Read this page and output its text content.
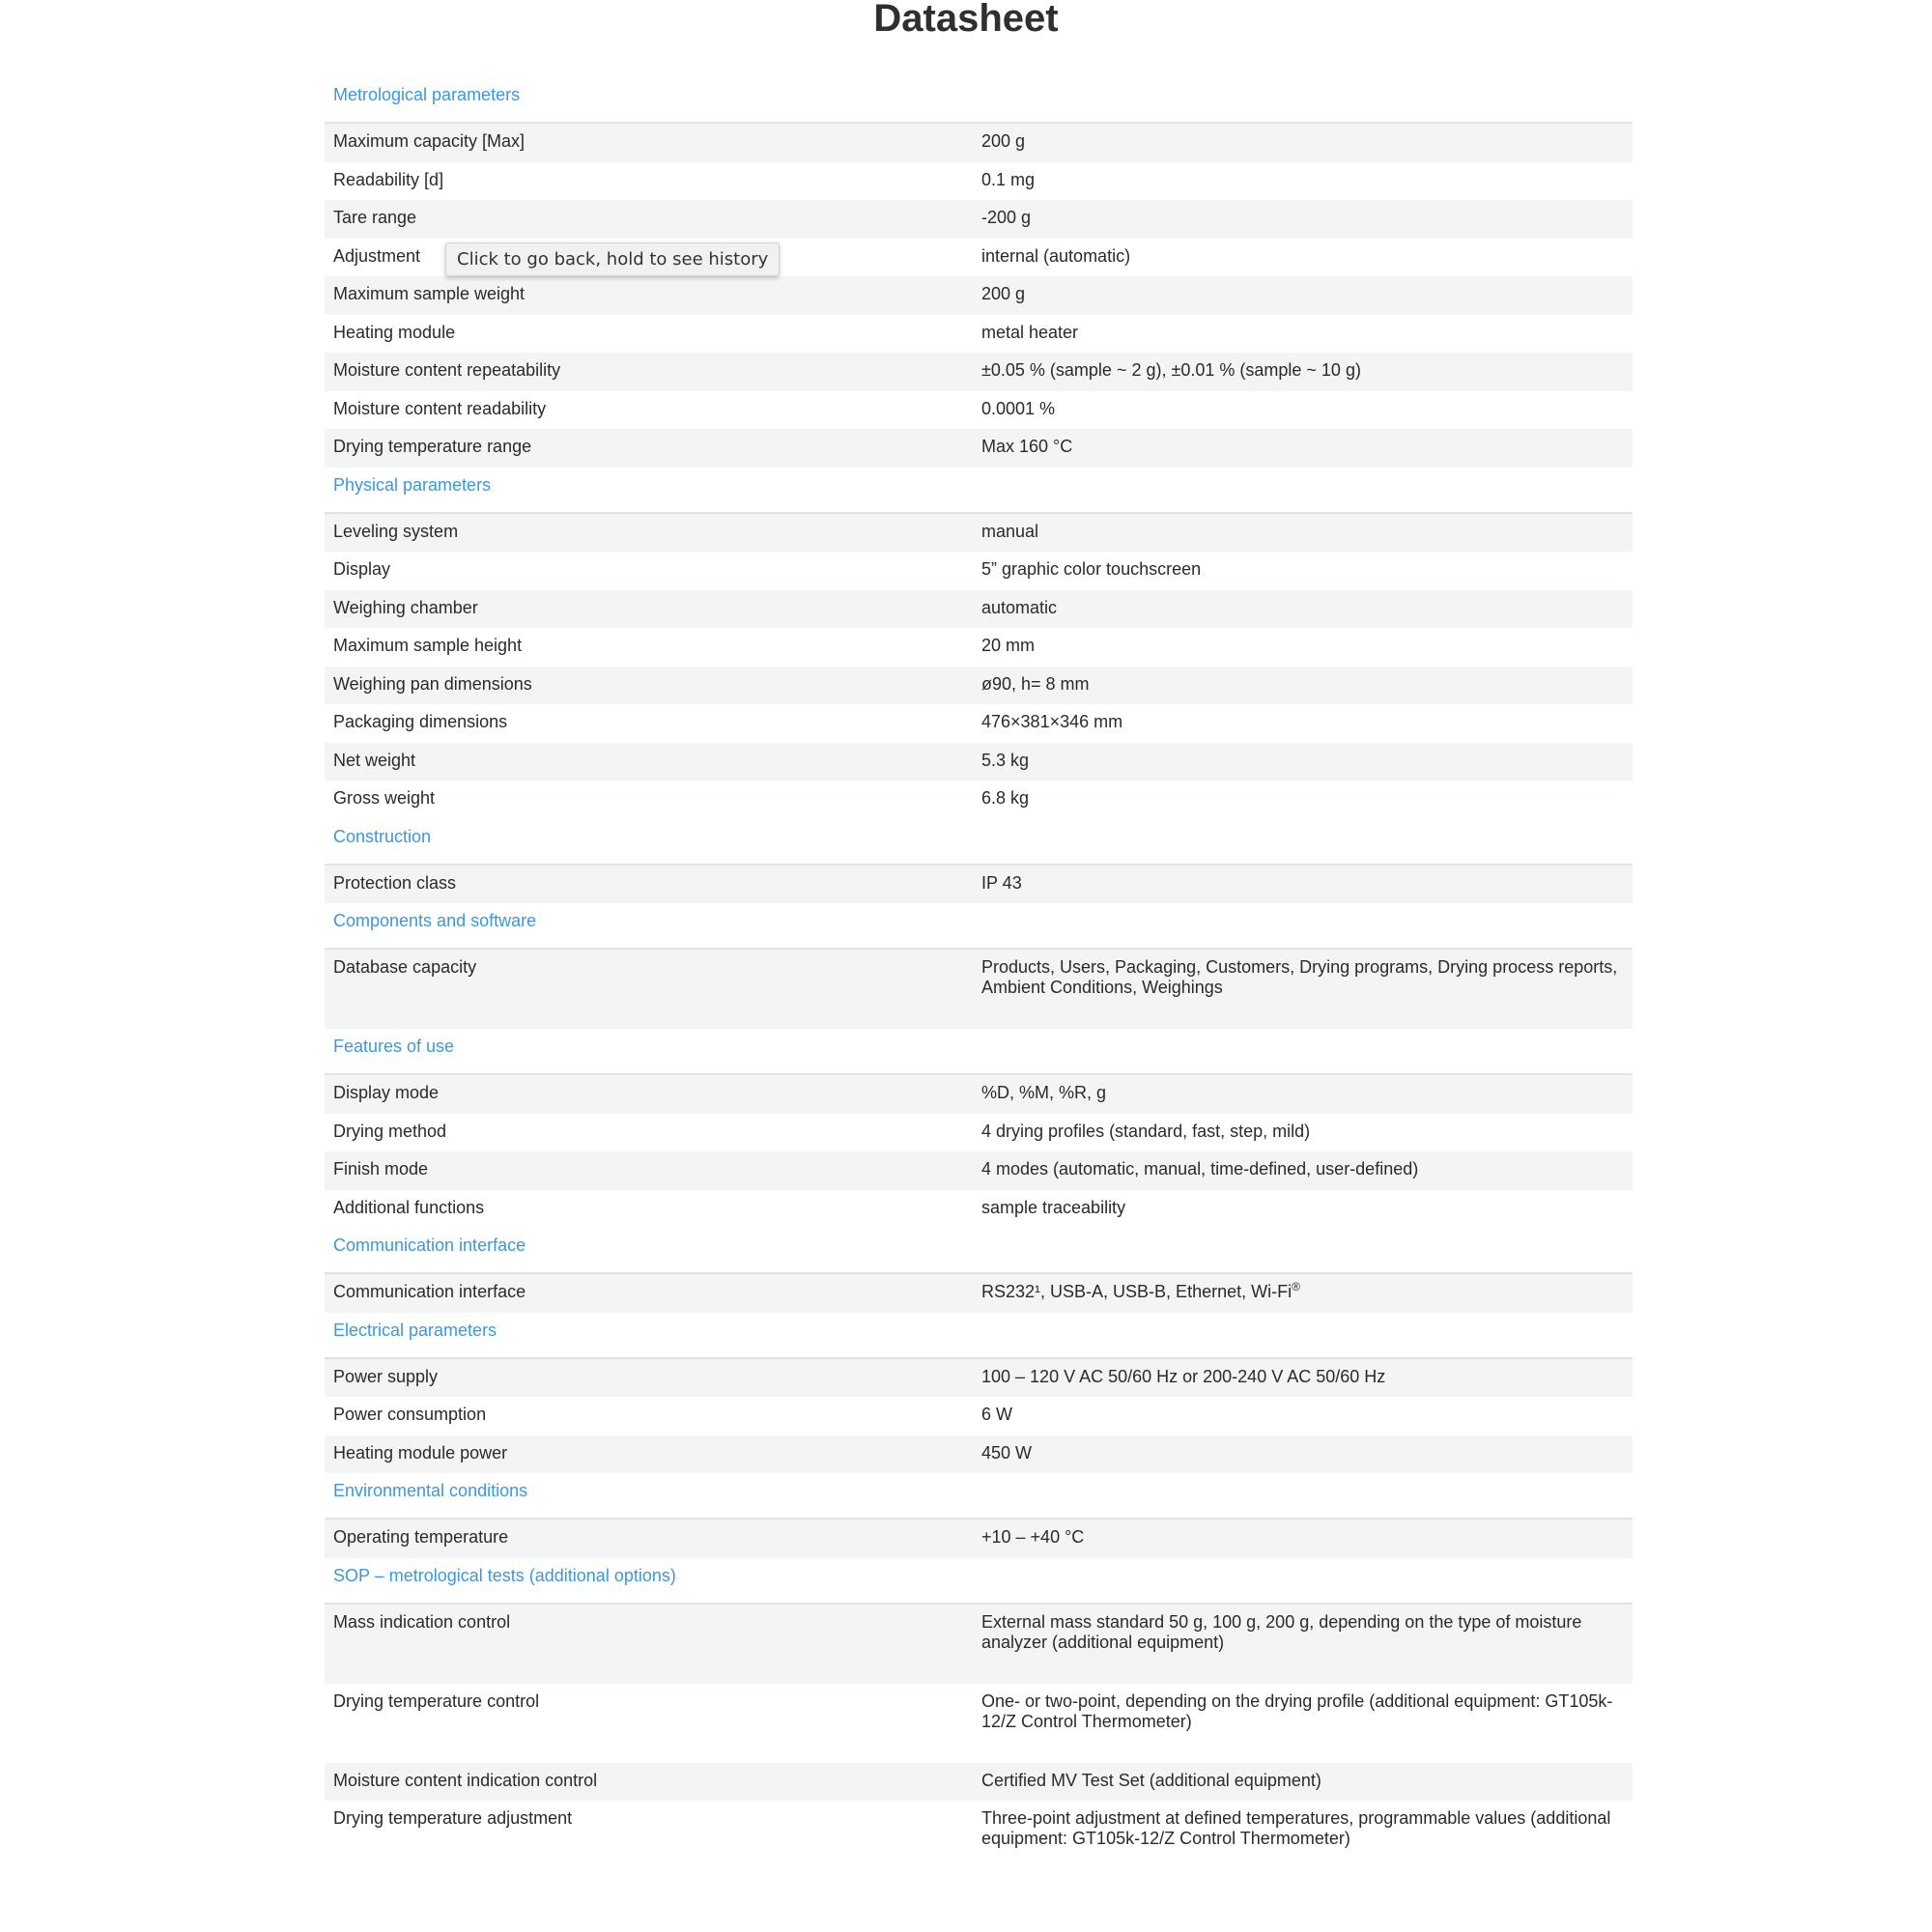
Datasheet
Metrological parameters
Maximum capacity [Max]	200 g
Readability [d]	0.1 mg
Tare range	-200 g
Adjustment	internal (automatic)
Maximum sample weight	200 g
Heating module	metal heater
Moisture content repeatability	±0.05 % (sample ~ 2 g), ±0.01 % (sample ~ 10 g)
Moisture content readability	0.0001 %
Drying temperature range	Max 160 °C
Physical parameters
Leveling system	manual
Display	5” graphic color touchscreen
Weighing chamber	automatic
Maximum sample height	20 mm
Weighing pan dimensions	ø90, h= 8 mm
Packaging dimensions	476×381×346 mm
Net weight	5.3 kg
Gross weight	6.8 kg
Construction
Protection class	IP 43
Components and software
Database capacity	Products, Users, Packaging, Customers, Drying programs, Drying process reports, Ambient Conditions, Weighings
Features of use
Display mode	%D, %M, %R, g
Drying method	4 drying profiles (standard, fast, step, mild)
Finish mode	4 modes (automatic, manual, time-defined, user-defined)
Additional functions	sample traceability
Communication interface
Communication interface	RS232¹, USB-A, USB-B, Ethernet, Wi-Fi®
Electrical parameters
Power supply	100 – 120 V AC 50/60 Hz or 200-240 V AC 50/60 Hz
Power consumption	6 W
Heating module power	450 W
Environmental conditions
Operating temperature	+10 – +40 °C
SOP – metrological tests (additional options)
Mass indication control	External mass standard 50 g, 100 g, 200 g, depending on the type of moisture analyzer (additional equipment)
Drying temperature control	One- or two-point, depending on the drying profile (additional equipment: GT105k-12/Z Control Thermometer)
Moisture content indication control	Certified MV Test Set (additional equipment)
Drying temperature adjustment	Three-point adjustment at defined temperatures, programmable values (additional equipment: GT105k-12/Z Control Thermometer)
Click to go back, hold to see history
